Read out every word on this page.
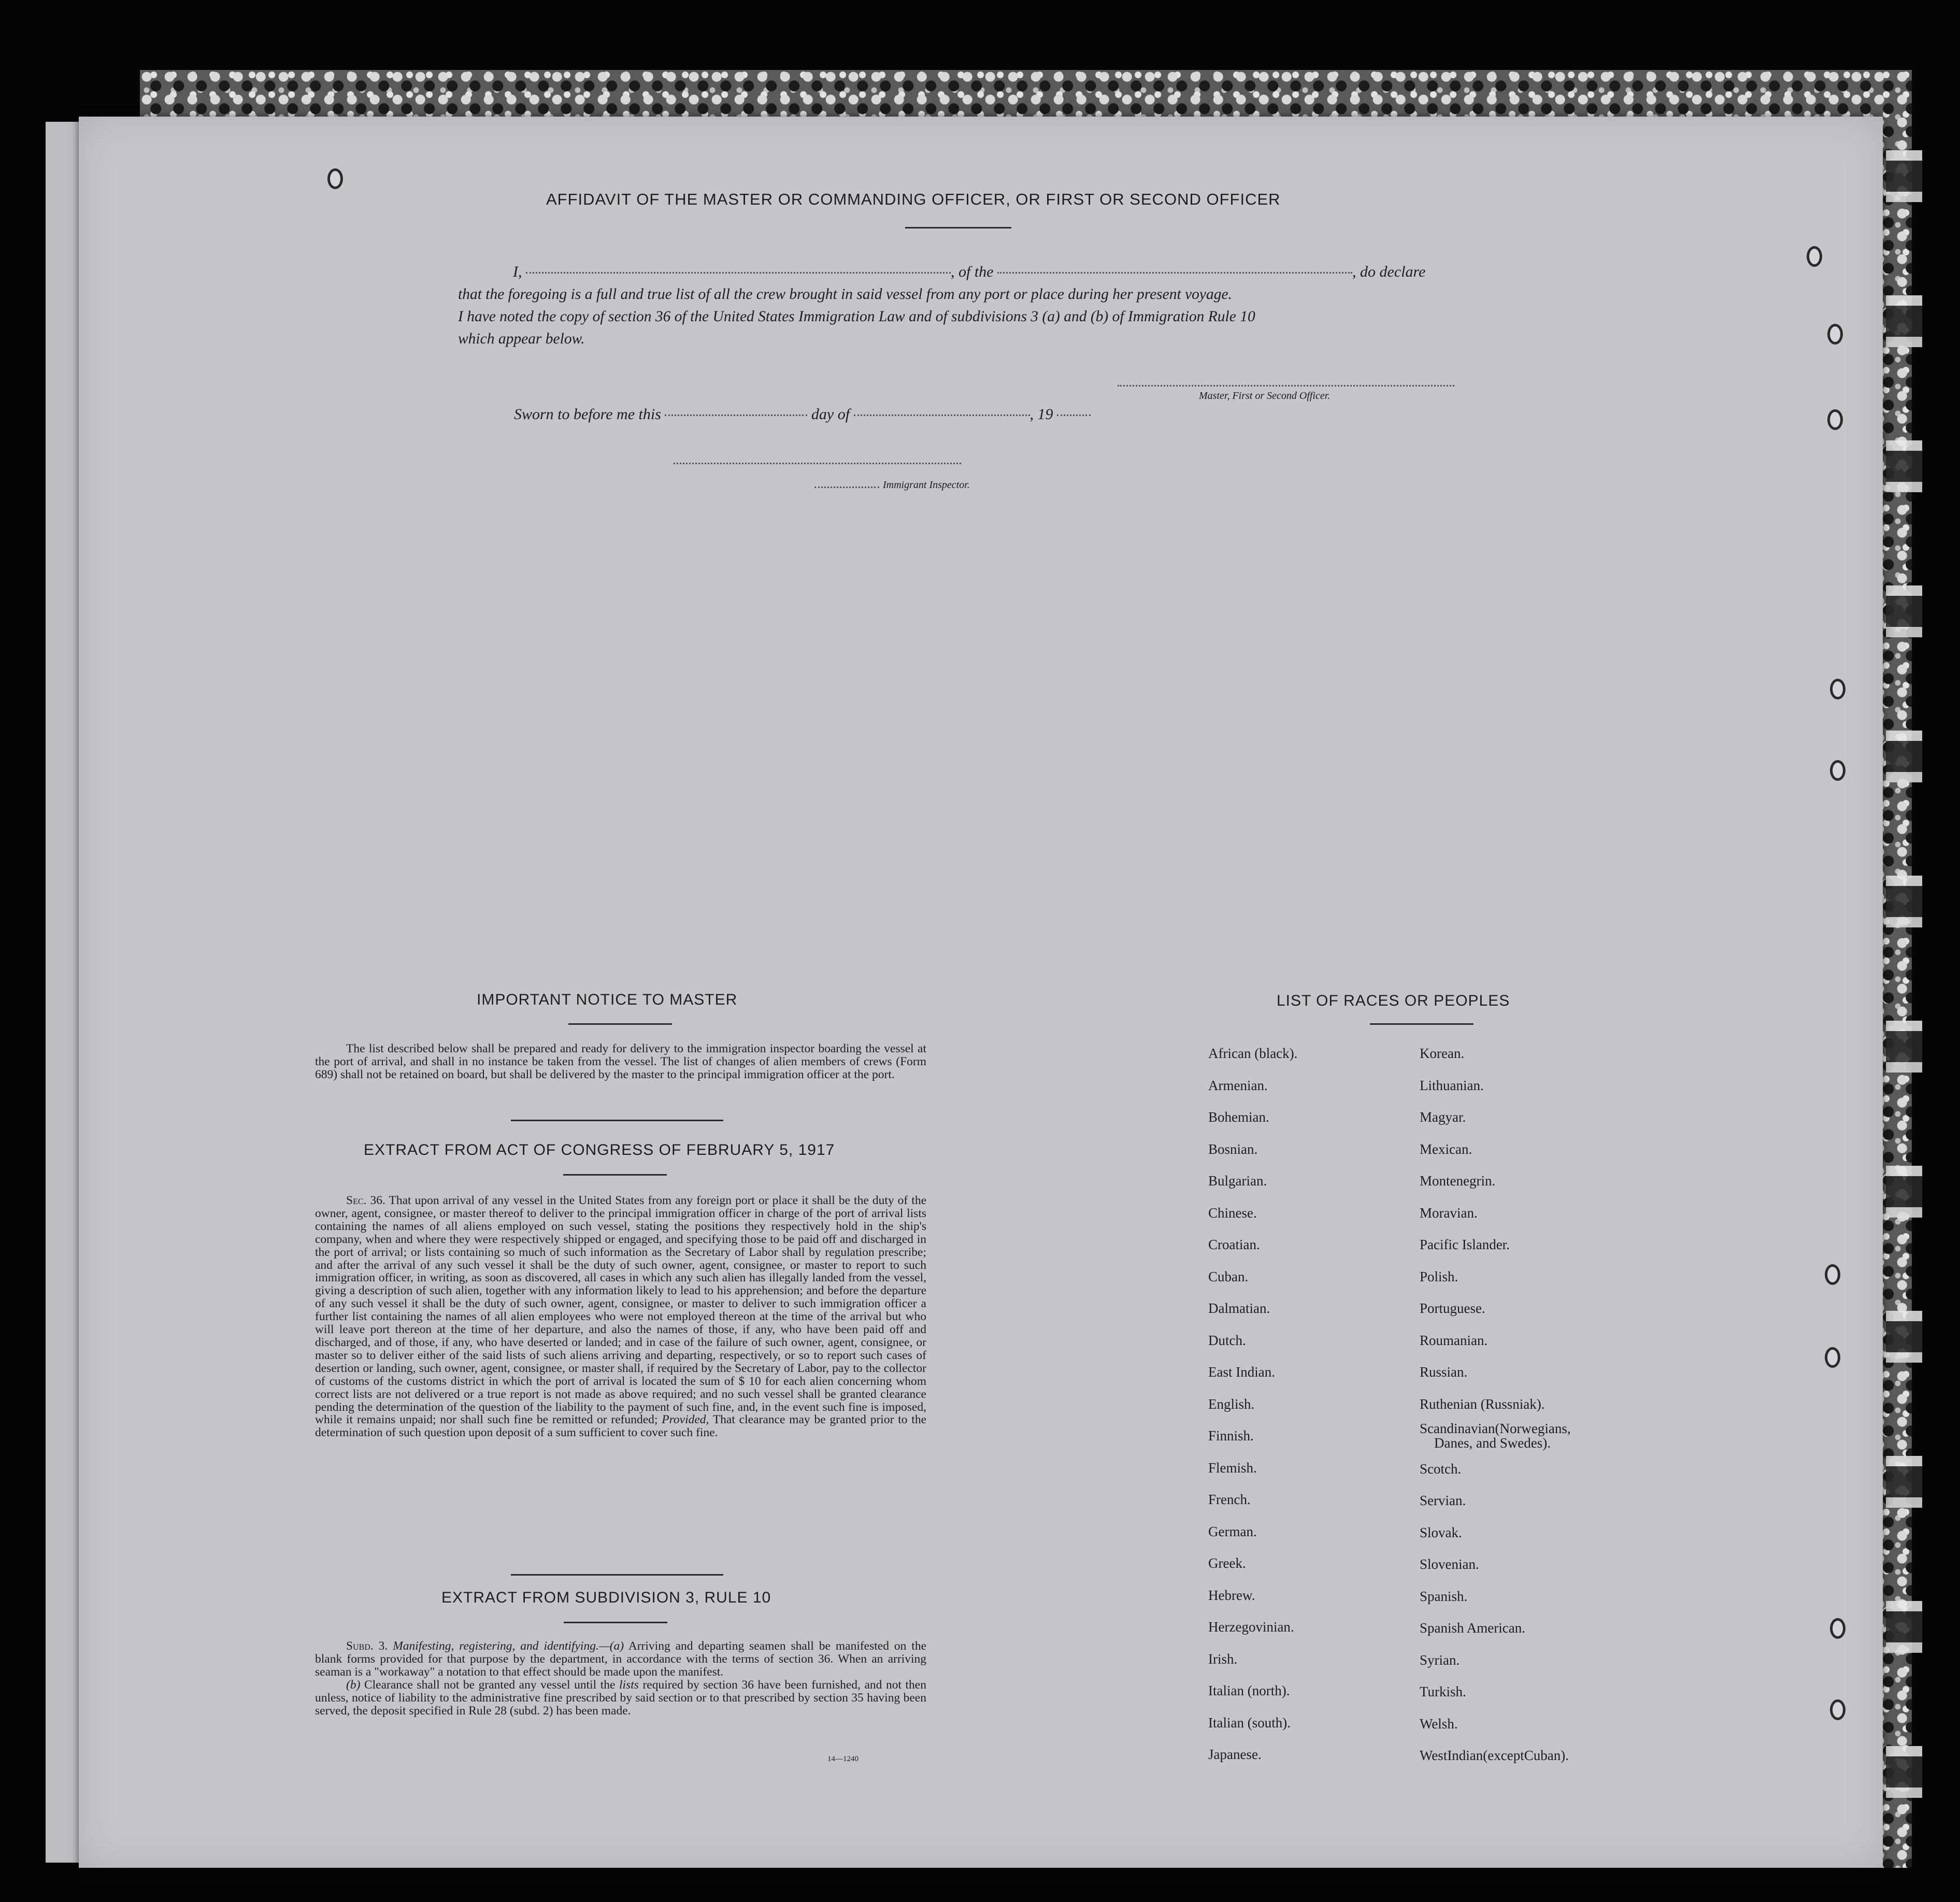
AFFIDAVIT OF THE MASTER OR COMMANDING OFFICER, OR FIRST OR SECOND OFFICER
I,	, of the	, do declare
that the foregoing is a full and true list of all the crew brought in said vessel from any port or place during her present voyage.
I have noted the copy of section 36 of the United States Immigration Law and of subdivisions 3 (a) and (b) of Immigration Rule 10
which appear below.
Master, First or Second Officer.
Sworn to before me this	day of	, 19
Immigrant Inspector.
IMPORTANT NOTICE TO MASTER

The list described below shall be prepared and ready for delivery to the immigration inspector boarding the vessel at the port of arrival, and shall in no instance be taken from the vessel. The list of changes of alien members of crews (Form 689) shall not be retained on board, but shall be delivered by the master to the principal immigration officer at the port.

EXTRACT FROM ACT OF CONGRESS OF FEBRUARY 5, 1917

Sec. 36. That upon arrival of any vessel in the United States from any foreign port or place it shall be the duty of the owner, agent, consignee, or master thereof to deliver to the principal immigration officer in charge of the port of arrival lists containing the names of all aliens employed on such vessel, stating the positions they respectively hold in the ship's company, when and where they were respectively shipped or engaged, and specifying those to be paid off and discharged in the port of arrival; or lists containing so much of such information as the Secretary of Labor shall by regulation prescribe; and after the arrival of any such vessel it shall be the duty of such owner, agent, consignee, or master to report to such immigration officer, in writing, as soon as discovered, all cases in which any such alien has illegally landed from the vessel, giving a description of such alien, together with any information likely to lead to his apprehension; and before the departure of any such vessel it shall be the duty of such owner, agent, consignee, or master to deliver to such immigration officer a further list containing the names of all alien employees who were not employed thereon at the time of the arrival but who will leave port thereon at the time of her departure, and also the names of those, if any, who have been paid off and discharged, and of those, if any, who have deserted or landed; and in case of the failure of such owner, agent, consignee, or master so to deliver either of the said lists of such aliens arriving and departing, respectively, or so to report such cases of desertion or landing, such owner, agent, consignee, or master shall, if required by the Secretary of Labor, pay to the collector of customs of the customs district in which the port of arrival is located the sum of $ 10 for each alien concerning whom correct lists are not delivered or a true report is not made as above required; and no such vessel shall be granted clearance pending the determination of the question of the liability to the payment of such fine, and, in the event such fine is imposed, while it remains unpaid; nor shall such fine be remitted or refunded; Provided, That clearance may be granted prior to the determination of such question upon deposit of a sum sufficient to cover such fine.

EXTRACT FROM SUBDIVISION 3, RULE 10

Subd. 3. Manifesting, registering, and identifying.—(a) Arriving and departing seamen shall be manifested on the blank forms provided for that purpose by the department, in accordance with the terms of section 36. When an arriving seaman is a "workaway" a notation to that effect should be made upon the manifest.

(b) Clearance shall not be granted any vessel until the lists required by section 36 have been furnished, and not then unless, notice of liability to the administrative fine prescribed by said section or to that prescribed by section 35 having been served, the deposit specified in Rule 28 (subd. 2) has been made.

14—1240
LIST OF RACES OR PEOPLES
African (black).
Armenian.
Bohemian.
Bosnian.
Bulgarian.
Chinese.
Croatian.
Cuban.
Dalmatian.
Dutch.
East Indian.
English.
Finnish.
Flemish.
French.
German.
Greek.
Hebrew.
Herzegovinian.
Irish.
Italian (north).
Italian (south).
Japanese.
Korean.
Lithuanian.
Magyar.
Mexican.
Montenegrin.
Moravian.
Pacific Islander.
Polish.
Portuguese.
Roumanian.
Russian.
Ruthenian (Russniak).
Scandinavian(Norwegians,
Danes, and Swedes).
Scotch.
Servian.
Slovak.
Slovenian.
Spanish.
Spanish American.
Syrian.
Turkish.
Welsh.
WestIndian(exceptCuban).
